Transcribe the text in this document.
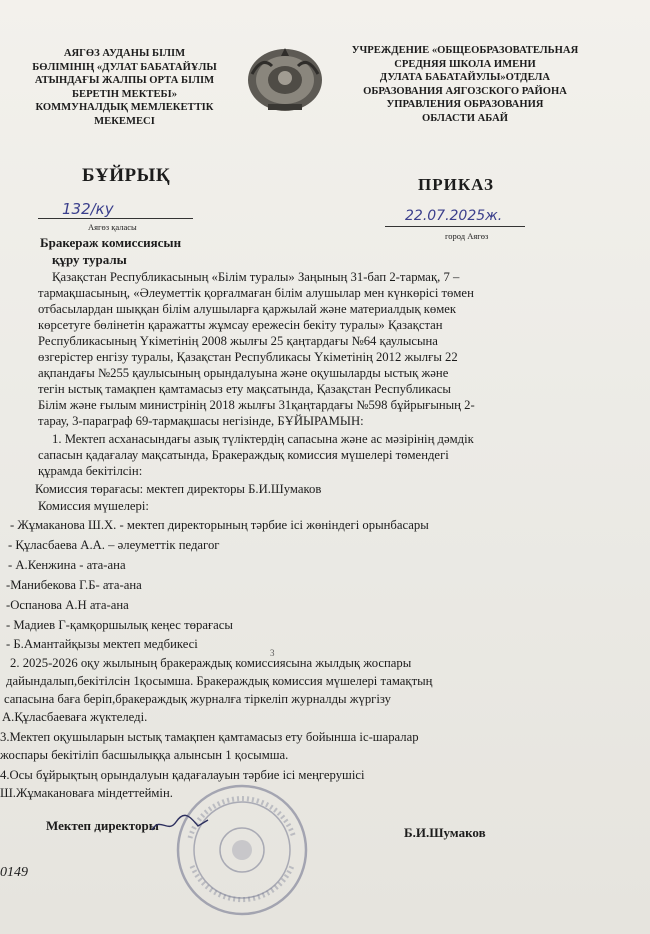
АЯГӨЗ АУДАНЫ БІЛІМ
БӨЛІМІНІҢ «ДУЛАТ БАБАТАЙҰЛЫ
АТЫНДАҒЫ ЖАЛПЫ ОРТА БІЛІМ
БЕРЕТІН МЕКТЕБІ»
КОММУНАЛДЫҚ МЕМЛЕКЕТТІК
МЕКЕМЕСІ
УЧРЕЖДЕНИЕ «ОБЩЕОБРАЗОВАТЕЛЬНАЯ
СРЕДНЯЯ ШКОЛА ИМЕНИ
ДУЛАТА БАБАТАЙУЛЫ»ОТДЕЛА
ОБРАЗОВАНИЯ АЯГОЗСКОГО РАЙОНА
УПРАВЛЕНИЯ ОБРАЗОВАНИЯ
ОБЛАСТИ АБАЙ
БҰЙРЫҚ	ПРИКАЗ
132/ку
Аягөз қаласы
22.07.2025ж.
город Аягөз
Бракераж комиссиясын
құру туралы
Қазақстан Республикасының «Білім туралы» Заңының 31-бап 2-тармақ, 7 –
тармақшасының, «Әлеуметтік қорғалмаған білім алушылар мен күнкөрісі төмен
отбасылардан шыққан білім алушыларға қаржылай және материалдық көмек
көрсетуге бөлінетін қаражатты жұмсау ережесін бекіту туралы» Қазақстан
Республикасының Үкіметінің 2008 жылғы 25 қаңтардағы №64 қаулысына
өзгерістер енгізу туралы, Қазақстан Республикасы Үкіметінің 2012 жылғы 22
ақпандағы №255 қаулысының орындалуына және оқушыларды ыстық және
тегін ыстық тамақпен қамтамасыз ету мақсатында, Қазақстан Республикасы
Білім және ғылым министрінің 2018 жылғы 31қаңтардағы №598 бұйрығының 2-
тарау, 3-параграф 69-тармақшасы негізінде, БҰЙЫРАМЫН:
1. Мектеп асханасындағы азық түліктердің сапасына және ас мәзірінің дәмдік
сапасын қадағалау мақсатында, Бракераждық комиссия мүшелері төмендегі
құрамда бекітілсін:
Комиссия төрағасы: мектеп директоры Б.И.Шумаков
Комиссия мүшелері:
- Жұмаканова Ш.Х. - мектеп директорының тәрбие ісі жөніндегі орынбасары
- Құласбаева А.А. – әлеуметтік педагог
- А.Кенжина - ата-ана
-Манибекова Г.Б- ата-ана
-Оспанова А.Н ата-ана
- Мадиев Г-қамқоршылық кеңес төрағасы
- Б.Амантайқызы мектеп медбикесі
3
2. 2025-2026 оқу жылының бракераждық комиссиясына жылдық жоспары
дайындалып,бекітілсін 1қосымша. Бракераждық комиссия мүшелері тамақтың
сапасына баға беріп,бракераждық журналға тіркеліп журналды жүргізу
А.Құласбаеваға жүктеледі.
3.Мектеп оқушыларын ыстық тамақпен қамтамасыз ету бойынша іс-шаралар
жоспары бекітіліп басшылыққа алынсын 1 қосымша.
4.Осы бұйрықтың орындалуын қадағалауын тәрбие ісі меңгерушісі
Ш.Жұмакановаға міндеттеймін.
Мектеп директоры	Б.И.Шумаков
0149
